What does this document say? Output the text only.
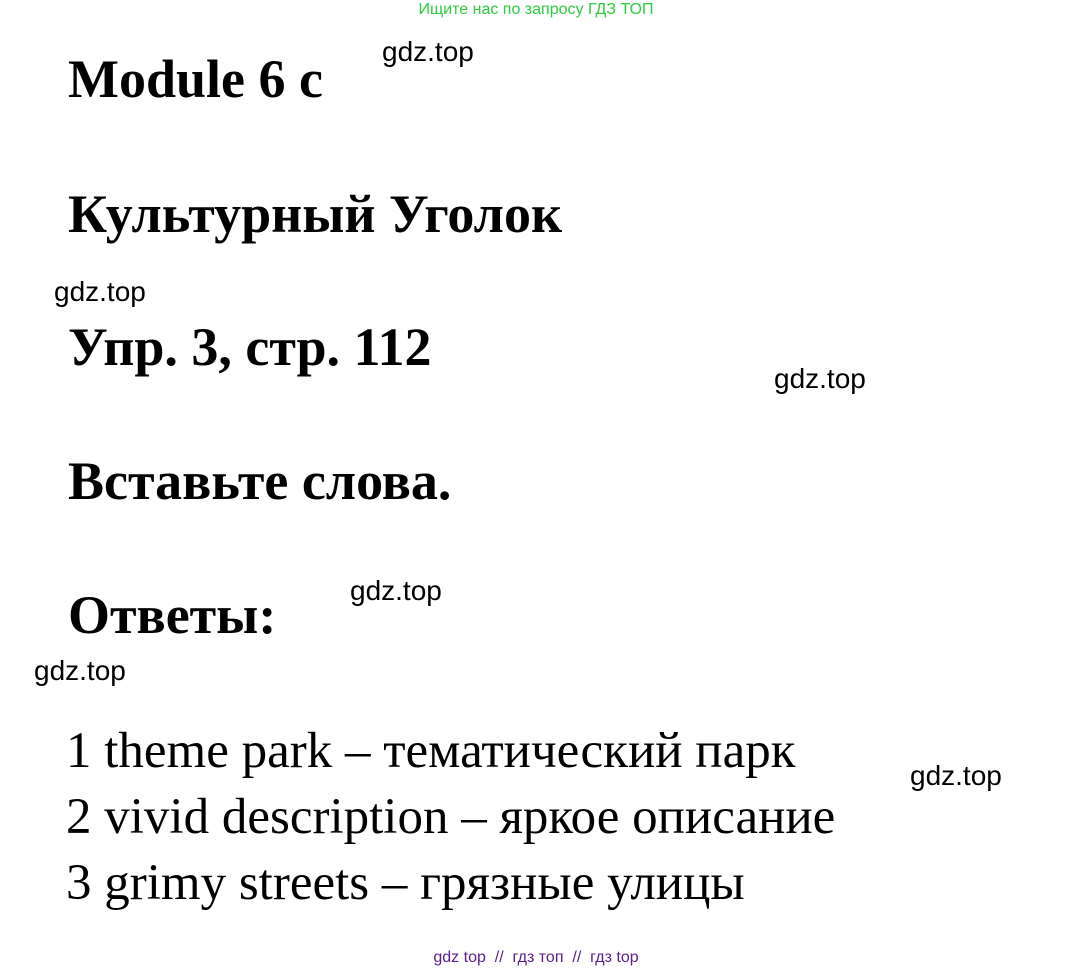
Ищите нас по запросу ГДЗ ТОП
Module 6 c
Культурный Уголок
Упр. 3, стр. 112
Вставьте слова.
Ответы:
gdz.top
gdz.top
gdz.top
gdz.top
gdz.top
gdz.top
1 theme park – тематический парк
2 vivid description – яркое описание
3 grimy streets – грязные улицы
gdz top  //  гдз топ  //  гдз top
